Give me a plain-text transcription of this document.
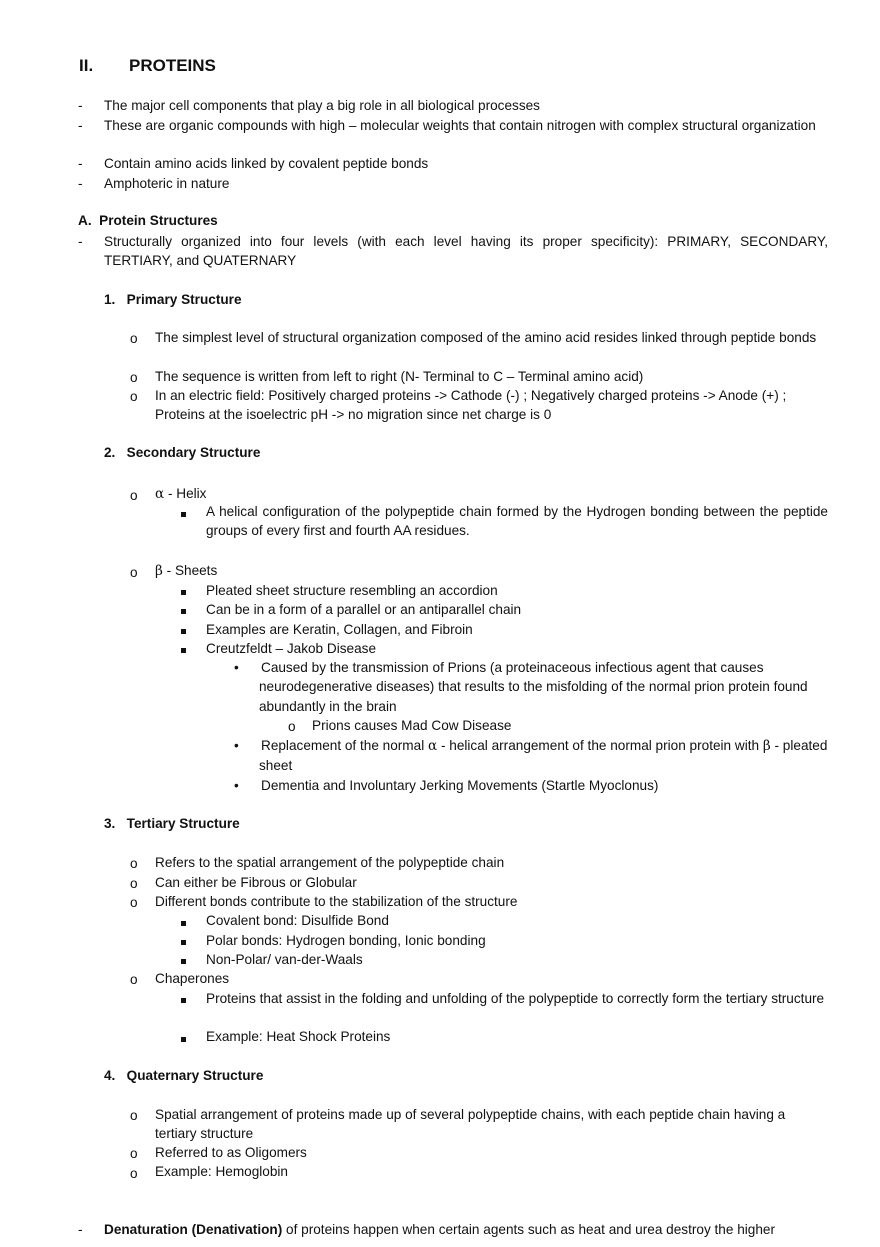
II. PROTEINS
- The major cell components that play a big role in all biological processes
- These are organic compounds with high – molecular weights that contain nitrogen with complex structural organization
- Contain amino acids linked by covalent peptide bonds
- Amphoteric in nature
A.  Protein Structures
- Structurally organized into four levels (with each level having its proper specificity): PRIMARY, SECONDARY, TERTIARY, and QUATERNARY
1.   Primary Structure
o The simplest level of structural organization composed of the amino acid resides linked through peptide bonds
o The sequence is written from left to right (N- Terminal to C – Terminal amino acid)
o In an electric field: Positively charged proteins -> Cathode (-) ; Negatively charged proteins -> Anode (+) ; Proteins at the isoelectric pH -> no migration since net charge is 0
2.   Secondary Structure
o α - Helix
A helical configuration of the polypeptide chain formed by the Hydrogen bonding between the peptide groups of every first and fourth AA residues.
o β - Sheets
Pleated sheet structure resembling an accordion
Can be in a form of a parallel or an antiparallel chain
Examples are Keratin, Collagen, and Fibroin
Creutzfeldt – Jakob Disease
• Caused by the transmission of Prions (a proteinaceous infectious agent that causes neurodegenerative diseases) that results to the misfolding of the normal prion protein found abundantly in the brain
o Prions causes Mad Cow Disease
• Replacement of the normal α - helical arrangement of the normal prion protein with β - pleated sheet
• Dementia and Involuntary Jerking Movements (Startle Myoclonus)
3.   Tertiary Structure
o Refers to the spatial arrangement of the polypeptide chain
o Can either be Fibrous or Globular
o Different bonds contribute to the stabilization of the structure
Covalent bond: Disulfide Bond
Polar bonds: Hydrogen bonding, Ionic bonding
Non-Polar/ van-der-Waals
o Chaperones
Proteins that assist in the folding and unfolding of the polypeptide to correctly form the tertiary structure
Example: Heat Shock Proteins
4.   Quaternary Structure
o Spatial arrangement of proteins made up of several polypeptide chains, with each peptide chain having a tertiary structure
o Referred to as Oligomers
o Example: Hemoglobin
- Denaturation (Denativation) of proteins happen when certain agents such as heat and urea destroy the higher
